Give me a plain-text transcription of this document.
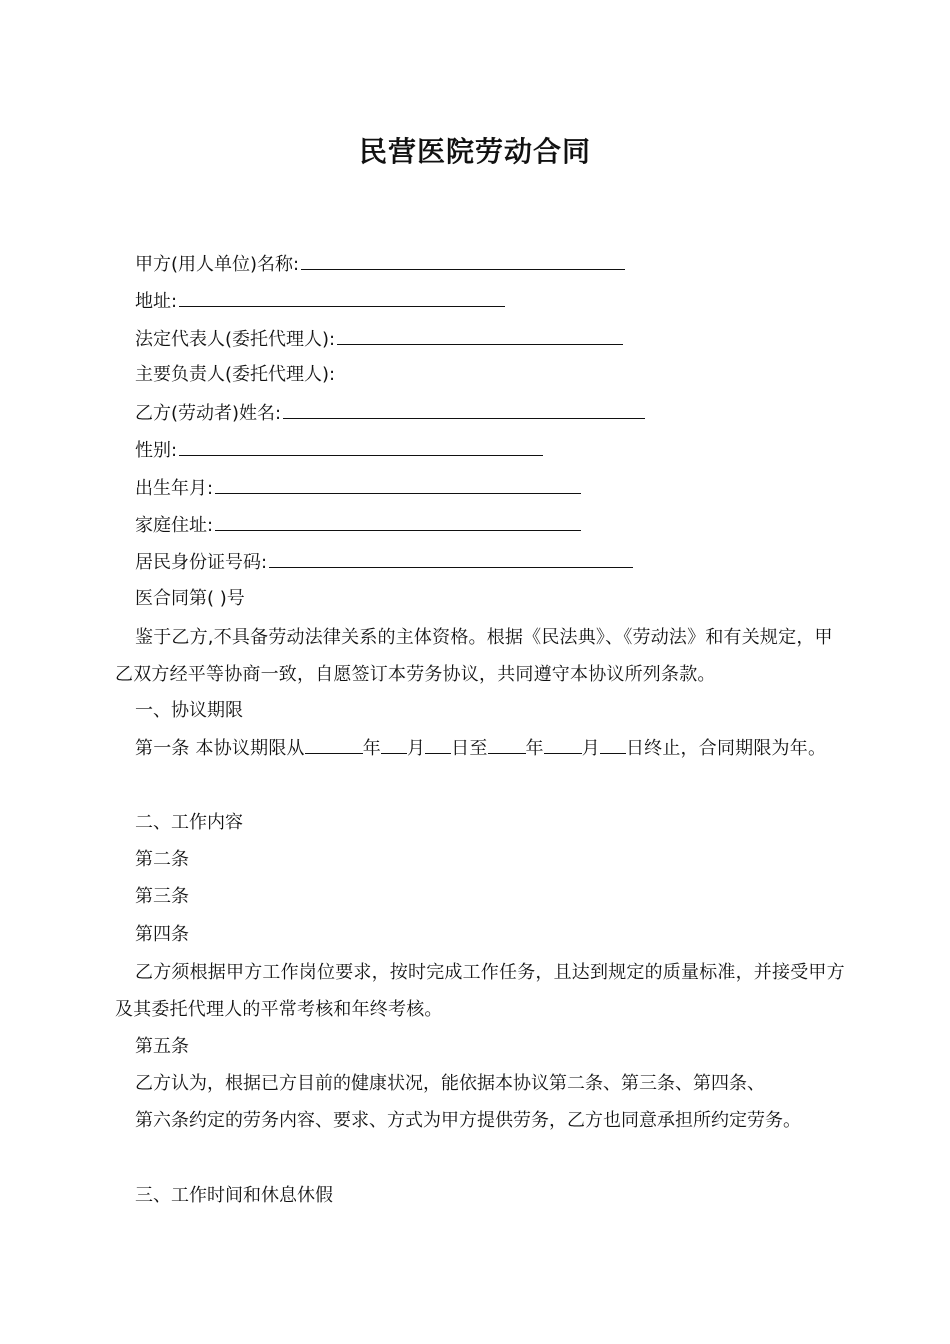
民营医院劳动合同
甲方(用人单位)名称:
地址:
法定代表人(委托代理人):
主要负责人(委托代理人):
乙方(劳动者)姓名:
性别:
出生年月:
家庭住址:
居民身份证号码:
医合同第( )号
鉴于乙方,不具备劳动法律关系的主体资格。根据《民法典》、《劳动法》和有关规定，甲乙双方经平等协商一致，自愿签订本劳务协议，共同遵守本协议所列条款。
一、协议期限
第一条 本协议期限从	年 月 日至 年 月 日终止，合同期限为年。
二、工作内容
第二条
第三条
第四条
乙方须根据甲方工作岗位要求，按时完成工作任务，且达到规定的质量标准，并接受甲方及其委托代理人的平常考核和年终考核。
第五条
乙方认为，根据已方目前的健康状况，能依据本协议第二条、第三条、第四条、
第六条约定的劳务内容、要求、方式为甲方提供劳务，乙方也同意承担所约定劳务。
三、工作时间和休息休假
